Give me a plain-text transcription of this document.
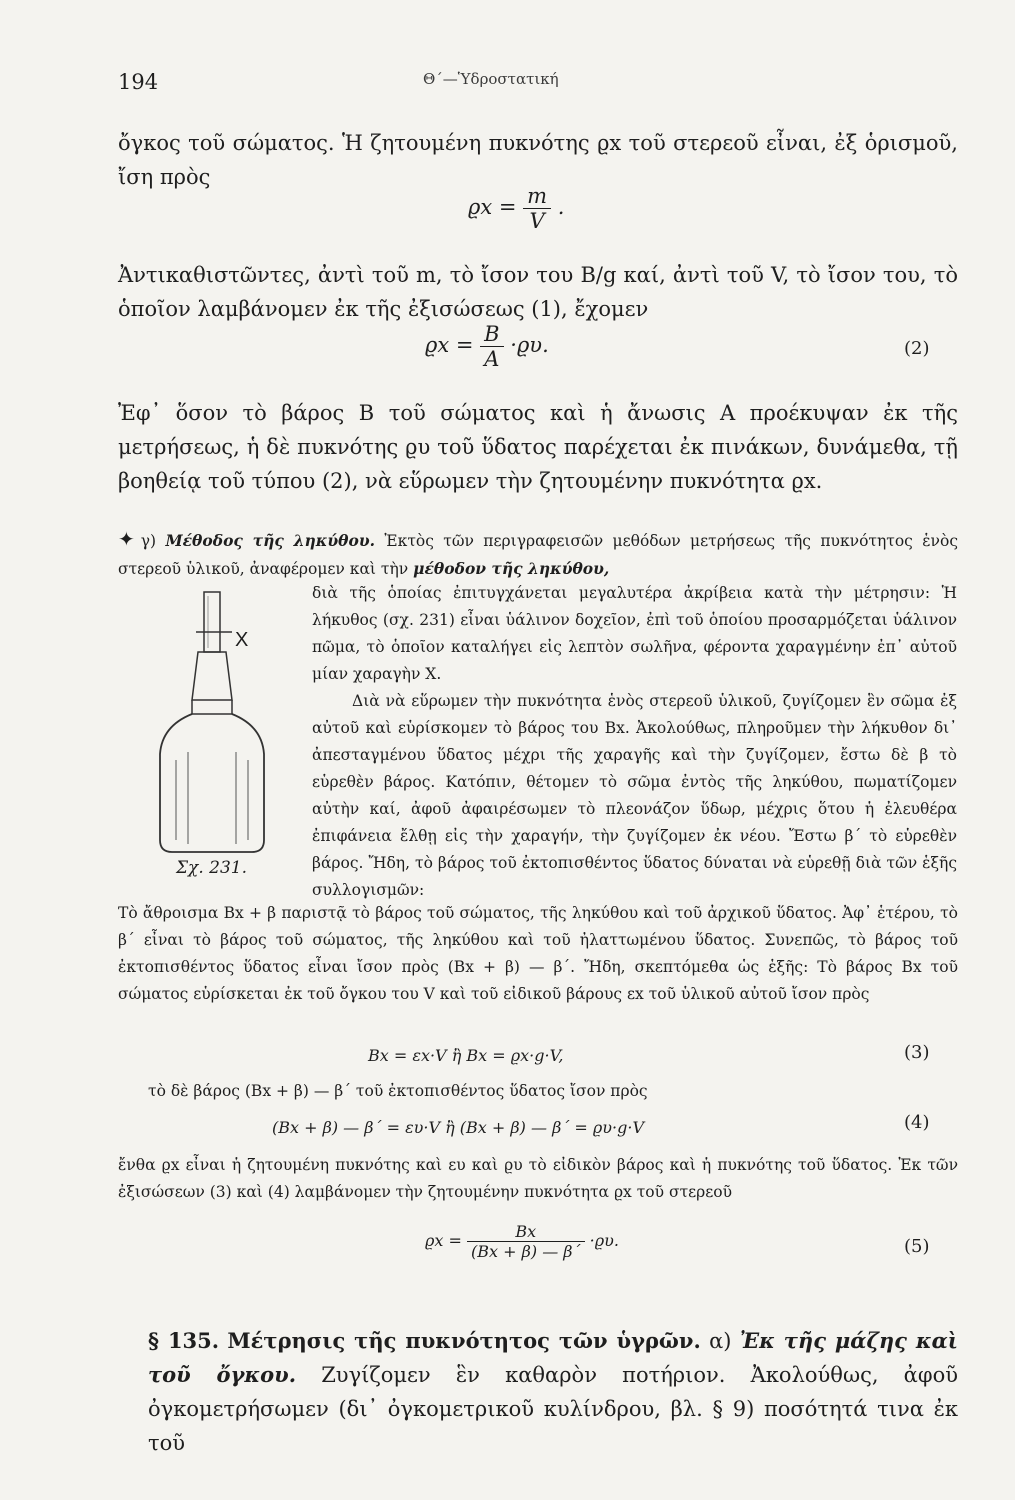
194	Θ΄—Ὑδροστατική
ὄγκος τοῦ σώματος. Ἡ ζητουμένη πυκνότης ϱx τοῦ στερεοῦ εἶναι, ἐξ ὁρισμοῦ, ἴση πρὸς
$ϱx = \frac{m}{V}$ .
Ἀντικαθιστῶντες, ἀντὶ τοῦ m, τὸ ἴσον του B/g καί, ἀντὶ τοῦ V, τὸ ἴσον του, τὸ ὁποῖον λαμβάνομεν ἐκ τῆς ἐξισώσεως (1), ἔχομεν
$ϱx = \frac{B}{A} \cdot ϱ\upsilon$.	(2)
Ἐφ᾿ ὅσον τὸ βάρος B τοῦ σώματος καὶ ἡ ἄνωσις A προέκυψαν ἐκ τῆς μετρήσεως, ἡ δὲ πυκνότης ϱυ τοῦ ὕδατος παρέχεται ἐκ πινάκων, δυνάμεθα, τῇ βοηθείᾳ τοῦ τύπου (2), νὰ εὕρωμεν τὴν ζητουμένην πυκνότητα ϱx.
✦ γ) Μέθοδος τῆς ληκύθου. Ἐκτὸς τῶν περιγραφεισῶν μεθόδων μετρήσεως τῆς πυκνότητος ἑνὸς στερεοῦ ὑλικοῦ, ἀναφέρομεν καὶ τὴν μέθοδον τῆς ληκύθου,
διὰ τῆς ὁποίας ἐπιτυγχάνεται μεγαλυτέρα ἀκρίβεια κατὰ τὴν μέτρησιν: Ἡ λήκυθος (σχ. 231) εἶναι ὑάλινον δοχεῖον, ἐπὶ τοῦ ὁποίου προσαρμόζεται ὑάλινον πῶμα, τὸ ὁποῖον καταλήγει εἰς λεπτὸν σωλῆνα, φέροντα χαραγμένην ἐπ᾿ αὐτοῦ μίαν χαραγὴν X.
Διὰ νὰ εὕρωμεν τὴν πυκνότητα ἑνὸς στερεοῦ ὑλικοῦ, ζυγίζομεν ἓν σῶμα ἐξ αὐτοῦ καὶ εὑρίσκομεν τὸ βάρος του Bx. Ἀκολούθως, πληροῦμεν τὴν λήκυθον δι᾿ ἀπεσταγμένου ὕδατος μέχρι τῆς χαραγῆς καὶ τὴν ζυγίζομεν, ἔστω δὲ β τὸ εὑρεθὲν βάρος. Κατόπιν, θέτομεν τὸ σῶμα ἐντὸς τῆς ληκύθου, πωματίζομεν αὐτὴν καί, ἀφοῦ ἀφαιρέσωμεν τὸ πλεονάζον ὕδωρ, μέχρις ὅτου ἡ ἐλευθέρα ἐπιφάνεια ἔλθῃ εἰς τὴν χαραγήν, τὴν ζυγίζομεν ἐκ νέου. Ἔστω β΄ τὸ εὑρεθὲν βάρος. Ἤδη, τὸ βάρος τοῦ ἐκτοπισθέντος ὕδατος δύναται νὰ εὑρεθῇ διὰ τῶν ἑξῆς συλλογισμῶν:
X
Σχ. 231.
Τὸ ἄθροισμα Bx + β παριστᾷ τὸ βάρος τοῦ σώματος, τῆς ληκύθου καὶ τοῦ ἀρχικοῦ ὕδατος. Ἀφ᾿ ἑτέρου, τὸ β΄ εἶναι τὸ βάρος τοῦ σώματος, τῆς ληκύθου καὶ τοῦ ἠλαττωμένου ὕδατος. Συνεπῶς, τὸ βάρος τοῦ ἐκτοπισθέντος ὕδατος εἶναι ἴσον πρὸς (Bx + β) — β΄. Ἤδη, σκεπτόμεθα ὡς ἑξῆς: Τὸ βάρος Bx τοῦ σώματος εὑρίσκεται ἐκ τοῦ ὄγκου του V καὶ τοῦ εἰδικοῦ βάρους εx τοῦ ὑλικοῦ αὐτοῦ ἴσον πρὸς
Bx = εx·V ἢ Bx = ϱx·g·V,	(3)
τὸ δὲ βάρος (Bx + β) — β΄ τοῦ ἐκτοπισθέντος ὕδατος ἴσον πρὸς
(Bx + β) — β΄ = ευ·V ἢ (Bx + β) — β΄ = ϱυ·g·V	(4)
ἔνθα ϱx εἶναι ἡ ζητουμένη πυκνότης καὶ ευ καὶ ϱυ τὸ εἰδικὸν βάρος καὶ ἡ πυκνότης τοῦ ὕδατος. Ἐκ τῶν ἐξισώσεων (3) καὶ (4) λαμβάνομεν τὴν ζητουμένην πυκνότητα ϱx τοῦ στερεοῦ
$ϱx = \frac{Bx}{(Bx + \beta) — \beta΄} \cdot ϱ\upsilon$.	(5)
§ 135. Μέτρησις τῆς πυκνότητος τῶν ὑγρῶν. α) Ἐκ τῆς μάζης καὶ τοῦ ὄγκου. Ζυγίζομεν ἓν καθαρὸν ποτήριον. Ἀκολούθως, ἀφοῦ ὀγκομετρήσωμεν (δι᾿ ὀγκομετρικοῦ κυλίνδρου, βλ. § 9) ποσότητά τινα ἐκ τοῦ
